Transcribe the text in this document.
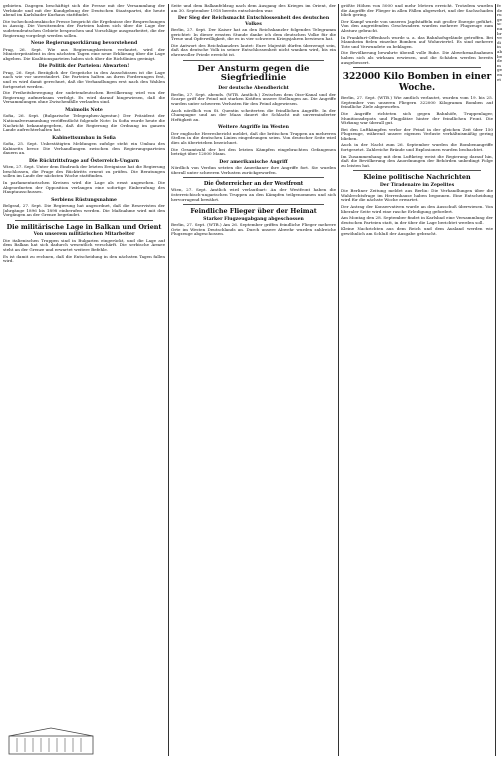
gebieten. Dagegen beschäftigt sich die Presse mit der Versammlung der Verbände und mit der Kundgebung der Deutschen Staatspartei, die heute abend im Karlsbader Kurhaus stattfindet.

Die tschechoslowakische Presse bespricht die Ergebnisse der Besprechungen in Aussig. Die Vorsitzenden der Parteien haben sich über die Lage der sudetendeutschen Gebiete besprochen und Vorschläge ausgearbeitet, die der Regierung vorgelegt werden sollen.

Neue Regierungserklärung bevorstehend

Prag, 26. Sept. Wie aus Regierungskreisen verlautet, wird der Ministerpräsident in den nächsten Tagen eine neue Erklärung über die Lage abgeben. Die Koalitionsparteien haben sich über die Richtlinien geeinigt.

Die Politik der Parteien: Abwarten!

Prag, 26. Sept. Bezüglich der Gespräche in den Ausschüssen ist die Lage nach wie vor unverändert. Die Parteien halten an ihren Forderungen fest, und es wird damit gerechnet, daß die Verhandlungen erst nach den Wahlen fortgesetzt werden.

Die Freiheitsbewegung der sudetendeutschen Bevölkerung wird von der Regierung aufmerksam verfolgt. Es wird darauf hingewiesen, daß die Versammlungen ohne Zwischenfälle verlaufen sind.

Maimolis Note

Sofia, 26. Sept. (Bulgarische Telegraphen-Agentur.) Der Präsident der Nationalversammlung veröffentlicht folgende Note: In Sofia wurde heute die Nachricht bekanntgegeben, daß die Regierung die Ordnung im ganzen Lande aufrechterhalten hat.

Kabinettsumbau in Sofia

Sofia, 25. Sept. Unbestätigten Meldungen zufolge steht ein Umbau des Kabinetts bevor. Die Verhandlungen zwischen den Regierungsparteien dauern an.

Die Rücktrittsfrage auf Österreich-Ungarn

Wien, 27. Sept. Unter dem Eindruck der letzten Ereignisse hat die Regierung beschlossen, die Frage des Rücktritts erneut zu prüfen. Die Beratungen sollen im Laufe der nächsten Woche stattfinden.

In parlamentarischen Kreisen wird die Lage als ernst angesehen. Die Abgeordneten der Opposition verlangen eine sofortige Einberufung des Hauptausschusses.

Serbiens Rüstungsnahme

Belgrad, 27. Sept. Die Regierung hat angeordnet, daß die Reservisten der Jahrgänge 1896 bis 1898 einberufen werden. Die Maßnahme wird mit den Vorgängen an der Grenze begründet.

Die militärische Lage in Balkan und Orient
Von unserem militärischen Mitarbeiter

Die italienischen Truppen sind in Bulgarien eingerückt, und die Lage auf dem Balkan hat sich dadurch wesentlich verschärft. Die serbische Armee steht an der Grenze und erwartet weitere Befehle.

Es ist damit zu rechnen, daß die Entscheidung in den nächsten Tagen fallen wird.

Seite und dem Balkanfeldzug nach dem Ausgang des Krieges im Orient, der am 30. September 1918 bereits entschieden war.

Der Sieg der Reichsmacht Entschlossenheit des deutschen Volkes

Berlin, 27. Sept. Der Kaiser hat an den Reichskanzler folgendes Telegramm gerichtet: In dieser ernsten Stunde danke ich dem deutschen Volke für die Treue und Opferwilligkeit, die es in vier schweren Kriegsjahren bewiesen hat.

Die Antwort des Reichskanzlers lautet: Eure Majestät dürfen überzeugt sein, daß das deutsche Volk in seiner Entschlossenheit nicht wanken wird, bis ein ehrenvoller Friede erreicht ist.

Der Ansturm gegen die Siegfriedlinie
Der deutsche Abendbericht

Berlin, 27. Sept. abends. (WTB. Amtlich.) Zwischen dem Oise-Kanal und der Scarpe griff der Feind mit starken Kräften unsere Stellungen an. Die Angriffe wurden unter schweren Verlusten für den Feind abgewiesen.

Auch nördlich von St. Quentin scheiterten die feindlichen Angriffe. In der Champagne und an der Maas dauert die Schlacht mit unverminderter Heftigkeit an.

Weitere Angriffe im Westen

Der englische Heeresbericht meldet, daß die britischen Truppen an mehreren Stellen in die deutschen Linien eingedrungen seien. Von deutscher Seite wird dies als übertrieben bezeichnet.

Die Gesamtzahl der bei den letzten Kämpfen eingebrachten Gefangenen beträgt über 12000 Mann.

Der amerikanische Angriff

Nördlich von Verdun setzten die Amerikaner ihre Angriffe fort. Sie wurden überall unter schweren Verlusten zurückgeworfen.

Die Österreicher an der Westfront

Wien, 27. Sept. Amtlich wird verlautbart: An der Westfront haben die österreichisch-ungarischen Truppen an den Kämpfen teilgenommen und sich hervorragend bewährt.

Feindliche Flieger über der Heimat
Starker Flugzeugabgang abgeschossen

Berlin, 27. Sept. (WTB.) Am 26. September griffen feindliche Flieger mehrere Orte im Westen Deutschlands an. Durch unsere Abwehr wurden zahlreiche Flugzeuge abgeschossen.

größte Höhen von 5000 und mehr Metern erreicht. Trotzdem wurden die Angriffe der Flieger in allen Fällen abgewehrt, und der Sachschaden blieb gering.

Der Kampf wurde von unseren Jagdstaffeln mit großer Energie geführt. Von den angreifenden Geschwadern wurden mehrere Flugzeuge zum Absturz gebracht.

In Frankfurt-Offenbach wurde u. a. das Bahnhofsgelände getroffen. Bei Mannheim fielen einzelne Bomben auf Wohnviertel. Es sind mehrere Tote und Verwundete zu beklagen.

Die Bevölkerung bewahrte überall volle Ruhe. Die Abwehrmaßnahmen haben sich als wirksam erwiesen, und die Schäden werden bereits ausgebessert.

322000 Kilo Bomben in einer Woche.

Berlin, 27. Sept. (WTB.) Wie amtlich verlautet, wurden vom 19. bis 25. September von unseren Fliegern 322000 Kilogramm Bomben auf feindliche Ziele abgeworfen.

Die Angriffe richteten sich gegen Bahnhöfe, Truppenlager, Munitionsdepots und Flugplätze hinter der feindlichen Front. Die Wirkung war überall gut.

Bei den Luftkämpfen verlor der Feind in der gleichen Zeit über 150 Flugzeuge, während unsere eigenen Verluste verhältnismäßig gering blieben.

Auch in der Nacht zum 26. September wurden die Bombenangriffe fortgesetzt. Zahlreiche Brände und Explosionen wurden beobachtet.

Im Zusammenhang mit dem Luftkrieg weist die Regierung darauf hin, daß die Bevölkerung den Anordnungen der Behörden unbedingt Folge zu leisten hat.

Kleine politische Nachrichten
Der Tiradenaire im Zepelites

Die Berliner Zeitung meldet aus Berlin: Die Verhandlungen über die Wahlrechtsfrage im Herrenhause haben begonnen. Eine Entscheidung wird für die nächste Woche erwartet.

Der Antrag der Konservativen wurde an den Ausschuß überwiesen. Von liberaler Seite wird eine rasche Erledigung gefordert.

Am Montag den 28. September findet in Karlsbad eine Versammlung der deutschen Parteien statt, in der über die Lage berichtet werden soll.

Kleine Nachrichten aus dem Reich und dem Ausland werden wie gewöhnlich am Schluß der Ausgabe gebracht.

fe de ru ge sc nu br ve di in ab be de m ge en et
